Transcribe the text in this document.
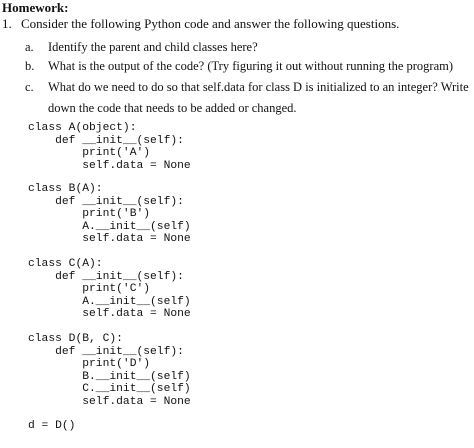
Homework:
1. Consider the following Python code and answer the following questions.
a. Identify the parent and child classes here?
b. What is the output of the code? (Try figuring it out without running the program)
c. What do we need to do so that self.data for class D is initialized to an integer? Write
down the code that needs to be added or changed.
class A(object):
def __init__(self):
print('A')
self.data = None
class B(A):
def __init__(self):
print('B')
A.__init__(self)
self.data = None
class C(A):
def __init__(self):
print('C')
A.__init__(self)
self.data = None
class D(B, C):
def __init__(self):
print('D')
B.__init__(self)
C.__init__(self)
self.data = None
d = D()
